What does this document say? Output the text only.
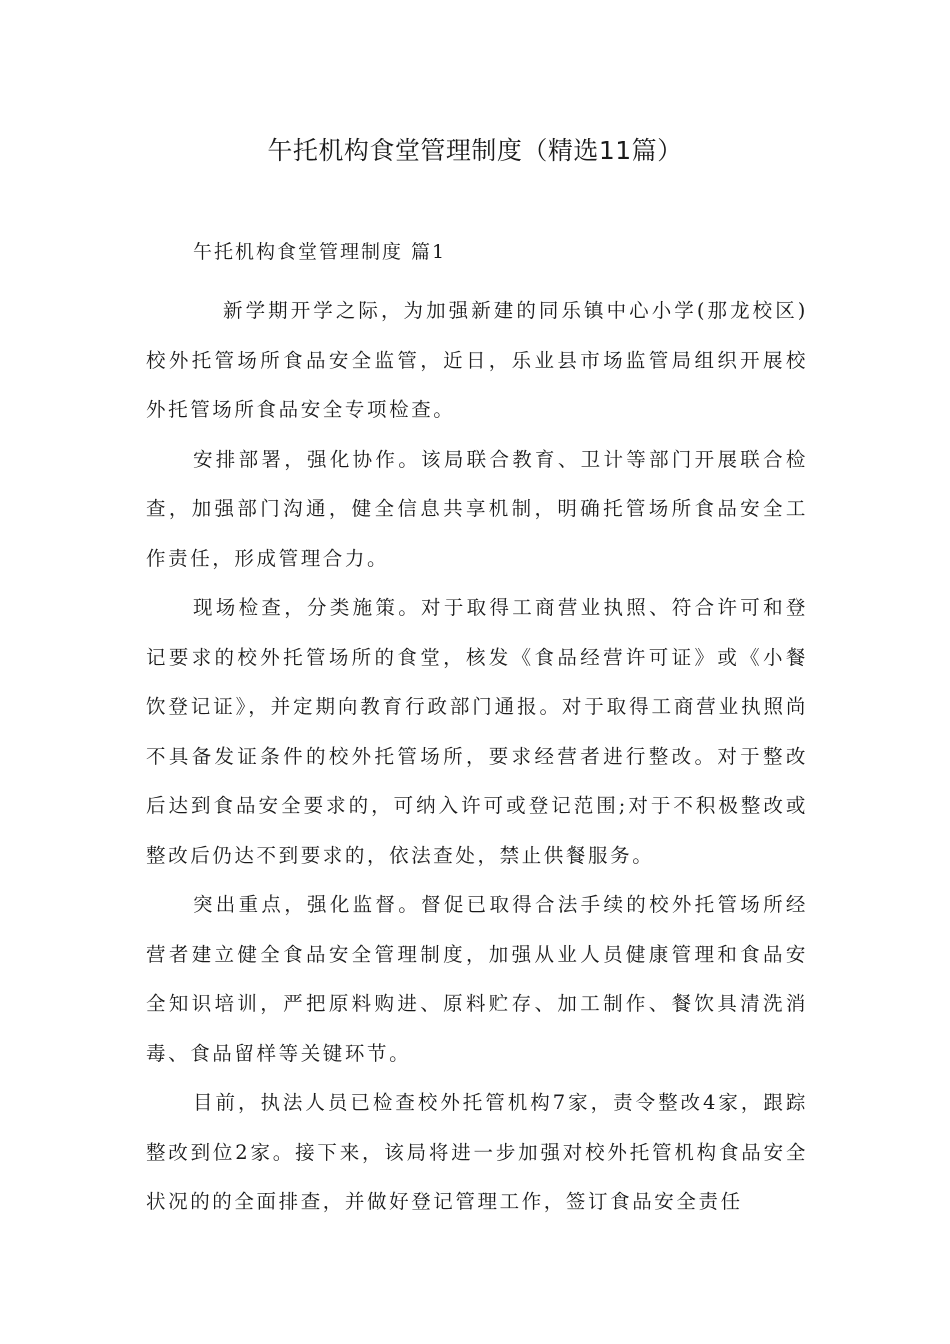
午托机构食堂管理制度（精选11篇）
午托机构食堂管理制度 篇1

新学期开学之际，为加强新建的同乐镇中心小学(那龙校区)校外托管场所食品安全监管，近日，乐业县市场监管局组织开展校外托管场所食品安全专项检查。

安排部署，强化协作。该局联合教育、卫计等部门开展联合检查，加强部门沟通，健全信息共享机制，明确托管场所食品安全工作责任，形成管理合力。

现场检查，分类施策。对于取得工商营业执照、符合许可和登记要求的校外托管场所的食堂，核发《食品经营许可证》或《小餐饮登记证》，并定期向教育行政部门通报。对于取得工商营业执照尚不具备发证条件的校外托管场所，要求经营者进行整改。对于整改后达到食品安全要求的，可纳入许可或登记范围;对于不积极整改或整改后仍达不到要求的，依法查处，禁止供餐服务。

突出重点，强化监督。督促已取得合法手续的校外托管场所经营者建立健全食品安全管理制度，加强从业人员健康管理和食品安全知识培训，严把原料购进、原料贮存、加工制作、餐饮具清洗消毒、食品留样等关键环节。

目前，执法人员已检查校外托管机构7家，责令整改4家，跟踪整改到位2家。接下来，该局将进一步加强对校外托管机构食品安全状况的的全面排查，并做好登记管理工作，签订食品安全责任
